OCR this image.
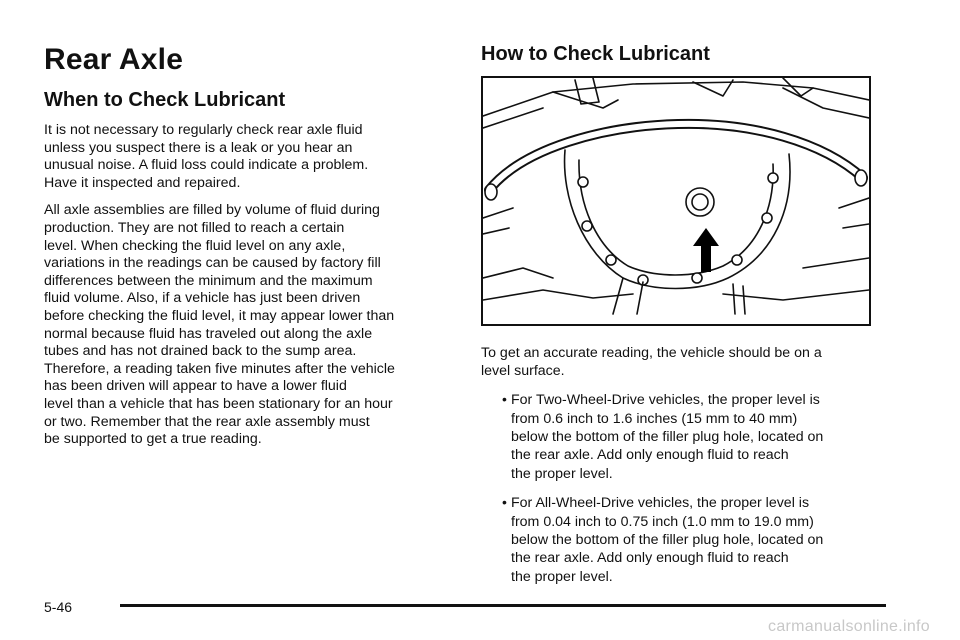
Rear Axle
When to Check Lubricant

It is not necessary to regularly check rear axle fluid
unless you suspect there is a leak or you hear an
unusual noise. A fluid loss could indicate a problem.
Have it inspected and repaired.

All axle assemblies are filled by volume of fluid during
production. They are not filled to reach a certain
level. When checking the fluid level on any axle,
variations in the readings can be caused by factory fill
differences between the minimum and the maximum
fluid volume. Also, if a vehicle has just been driven
before checking the fluid level, it may appear lower than
normal because fluid has traveled out along the axle
tubes and has not drained back to the sump area.
Therefore, a reading taken five minutes after the vehicle
has been driven will appear to have a lower fluid
level than a vehicle that has been stationary for an hour
or two. Remember that the rear axle assembly must
be supported to get a true reading.

How to Check Lubricant

To get an accurate reading, the vehicle should be on a
level surface.

• For Two-Wheel-Drive vehicles, the proper level is
from 0.6 inch to 1.6 inches (15 mm to 40 mm)
below the bottom of the filler plug hole, located on
the rear axle. Add only enough fluid to reach
the proper level.

• For All-Wheel-Drive vehicles, the proper level is
from 0.04 inch to 0.75 inch (1.0 mm to 19.0 mm)
below the bottom of the filler plug hole, located on
the rear axle. Add only enough fluid to reach
the proper level.

5-46
carmanualsonline.info
